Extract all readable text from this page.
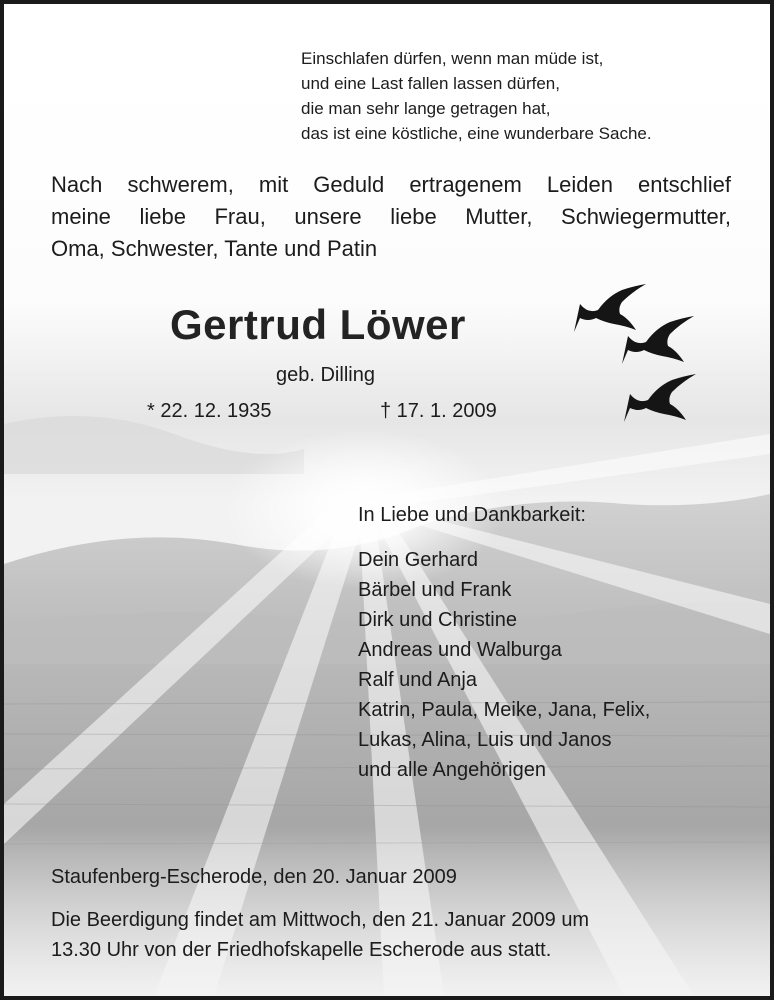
Einschlafen dürfen, wenn man müde ist,
und eine Last fallen lassen dürfen,
die man sehr lange getragen hat,
das ist eine köstliche, eine wunderbare Sache.
Nach schwerem, mit Geduld ertragenem Leiden entschlief
meine liebe Frau, unsere liebe Mutter, Schwiegermutter,
Oma, Schwester, Tante und Patin
Gertrud Löwer
geb. Dilling
* 22. 12. 1935	† 17. 1. 2009
In Liebe und Dankbarkeit:
Dein Gerhard
Bärbel und Frank
Dirk und Christine
Andreas und Walburga
Ralf und Anja
Katrin, Paula, Meike, Jana, Felix,
Lukas, Alina, Luis und Janos
und alle Angehörigen
Staufenberg-Escherode, den 20. Januar 2009
Die Beerdigung findet am Mittwoch, den 21. Januar 2009 um
13.30 Uhr von der Friedhofskapelle Escherode aus statt.
